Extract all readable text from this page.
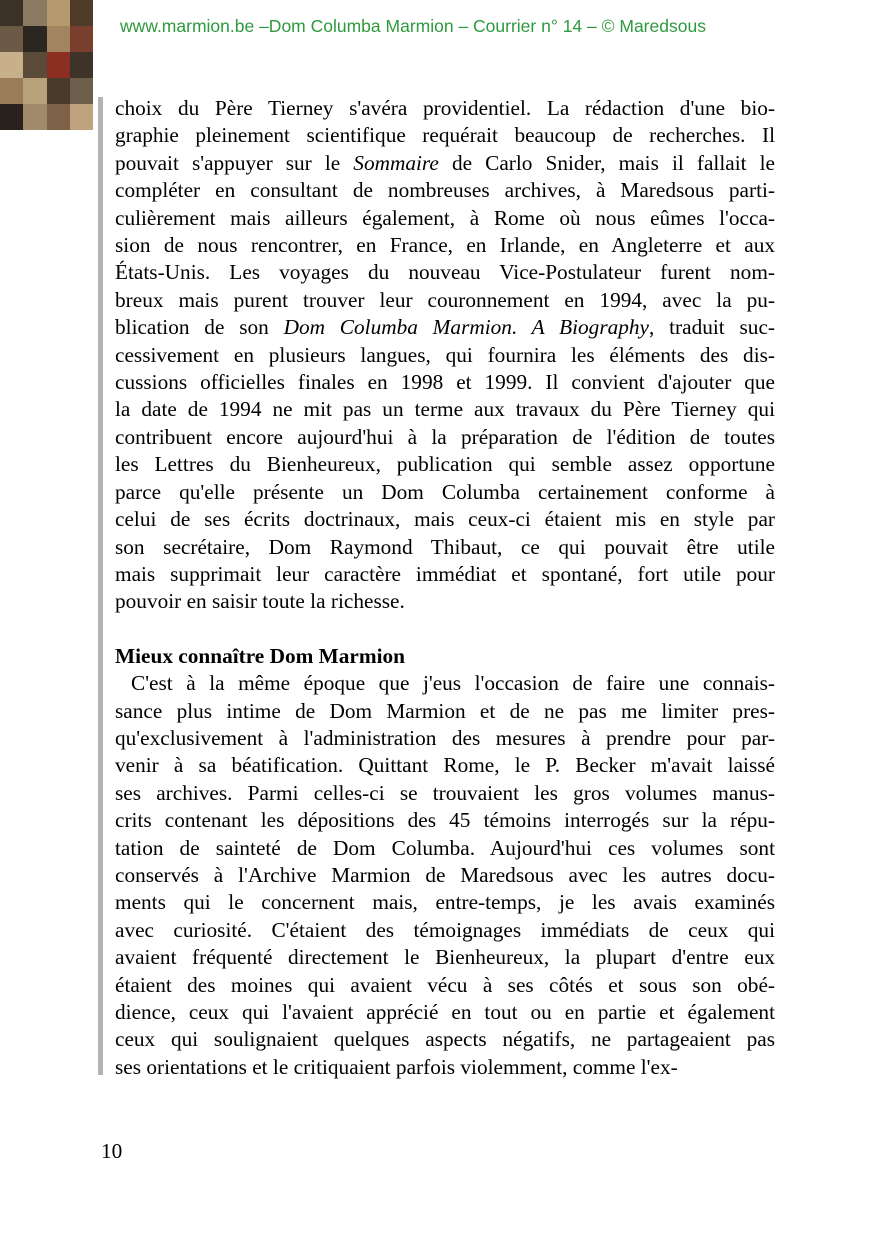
www.marmion.be –Dom Columba Marmion – Courrier n° 14 – © Maredsous
choix du Père Tierney s'avéra providentiel. La rédaction d'une bio-
graphie pleinement scientifique requérait beaucoup de recherches. Il
pouvait s'appuyer sur le Sommaire de Carlo Snider, mais il fallait le
compléter en consultant de nombreuses archives, à Maredsous parti-
culièrement mais ailleurs également, à Rome où nous eûmes l'occa-
sion de nous rencontrer, en France, en Irlande, en Angleterre et aux
États-Unis. Les voyages du nouveau Vice-Postulateur furent nom-
breux mais purent trouver leur couronnement en 1994, avec la pu-
blication de son Dom Columba Marmion. A Biography, traduit suc-
cessivement en plusieurs langues, qui fournira les éléments des dis-
cussions officielles finales en 1998 et 1999. Il convient d'ajouter que
la date de 1994 ne mit pas un terme aux travaux du Père Tierney qui
contribuent encore aujourd'hui à la préparation de l'édition de toutes
les Lettres du Bienheureux, publication qui semble assez opportune
parce qu'elle présente un Dom Columba certainement conforme à
celui de ses écrits doctrinaux, mais ceux-ci étaient mis en style par
son secrétaire, Dom Raymond Thibaut, ce qui pouvait être utile
mais supprimait leur caractère immédiat et spontané, fort utile pour
pouvoir en saisir toute la richesse.
Mieux connaître Dom Marmion
C'est à la même époque que j'eus l'occasion de faire une connais-
sance plus intime de Dom Marmion et de ne pas me limiter pres-
qu'exclusivement à l'administration des mesures à prendre pour par-
venir à sa béatification. Quittant Rome, le P. Becker m'avait laissé
ses archives. Parmi celles-ci se trouvaient les gros volumes manus-
crits contenant les dépositions des 45 témoins interrogés sur la répu-
tation de sainteté de Dom Columba. Aujourd'hui ces volumes sont
conservés à l'Archive Marmion de Maredsous avec les autres docu-
ments qui le concernent mais, entre-temps, je les avais examinés
avec curiosité. C'étaient des témoignages immédiats de ceux qui
avaient fréquenté directement le Bienheureux, la plupart d'entre eux
étaient des moines qui avaient vécu à ses côtés et sous son obé-
dience, ceux qui l'avaient apprécié en tout ou en partie et également
ceux qui soulignaient quelques aspects négatifs, ne partageaient pas
ses orientations et le critiquaient parfois violemment, comme l'ex-
10
